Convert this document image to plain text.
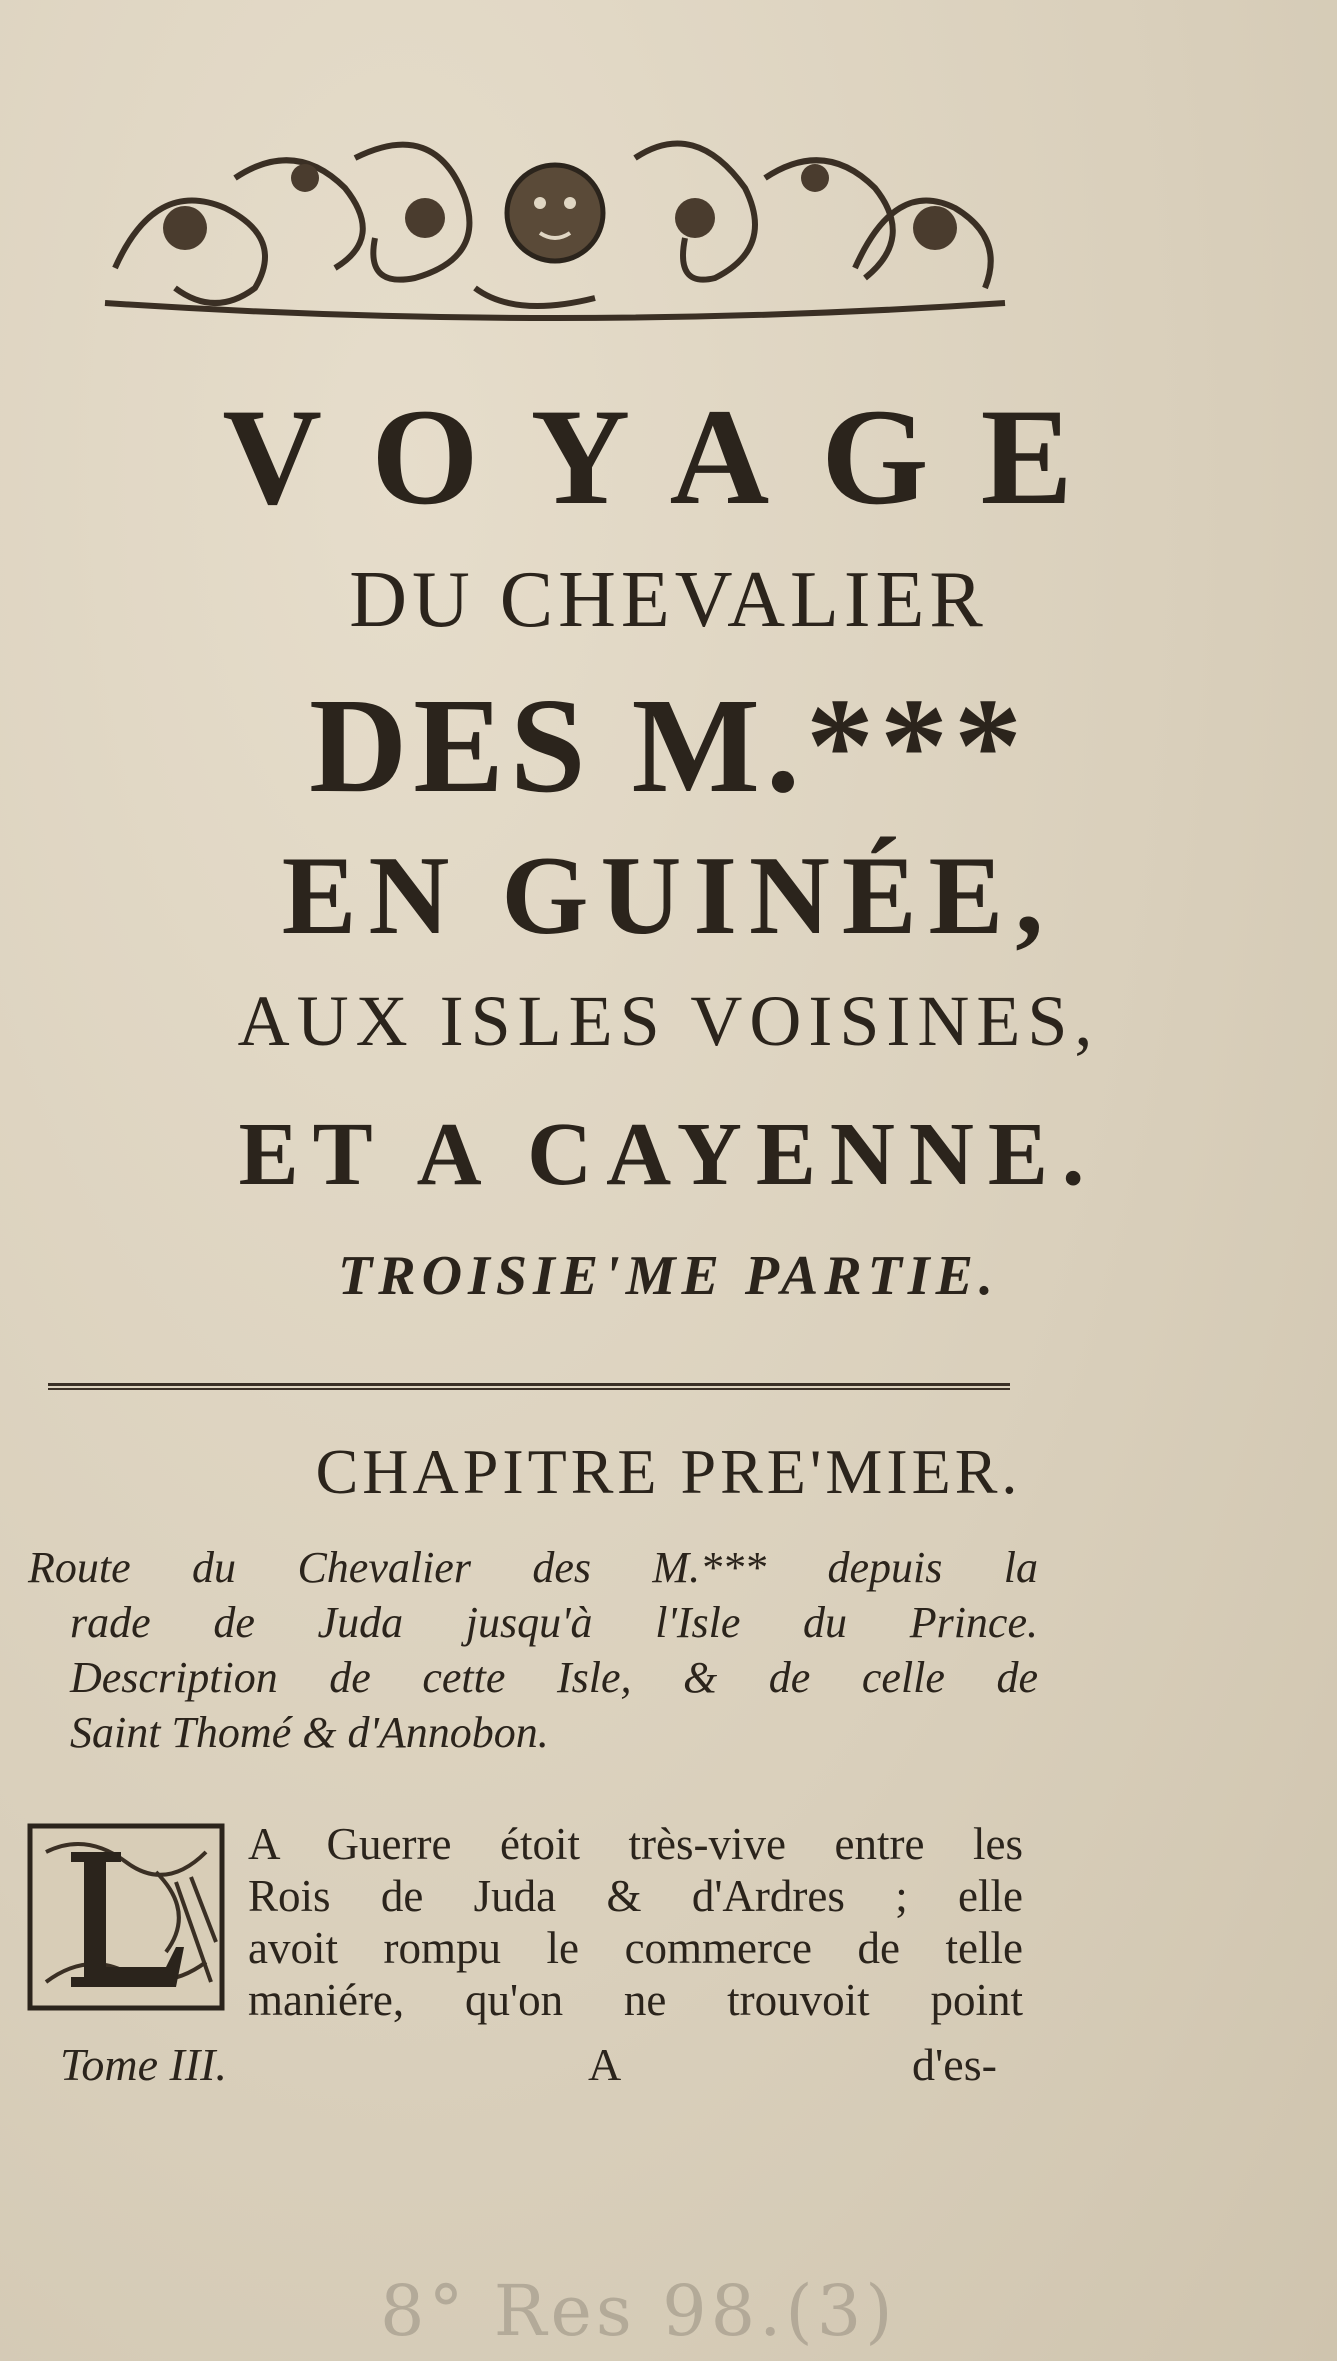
VOYAGE
DU CHEVALIER
DES M.***
EN GUINÉE,
AUX ISLES VOISINES,
ET A CAYENNE.
TROISIE'ME PARTIE.
CHAPITRE PRE'MIER.
Route du Chevalier des M.*** depuis la
rade de Juda jusqu'à l'Isle du Prince.
Description de cette Isle, & de celle de
Saint Thomé & d'Annobon.
A Guerre étoit très-vive entre les
Rois de Juda & d'Ardres ; elle
avoit rompu le commerce de telle
maniére, qu'on ne trouvoit point
Tome III.	A	d'es-
8° Res 98.(3)
